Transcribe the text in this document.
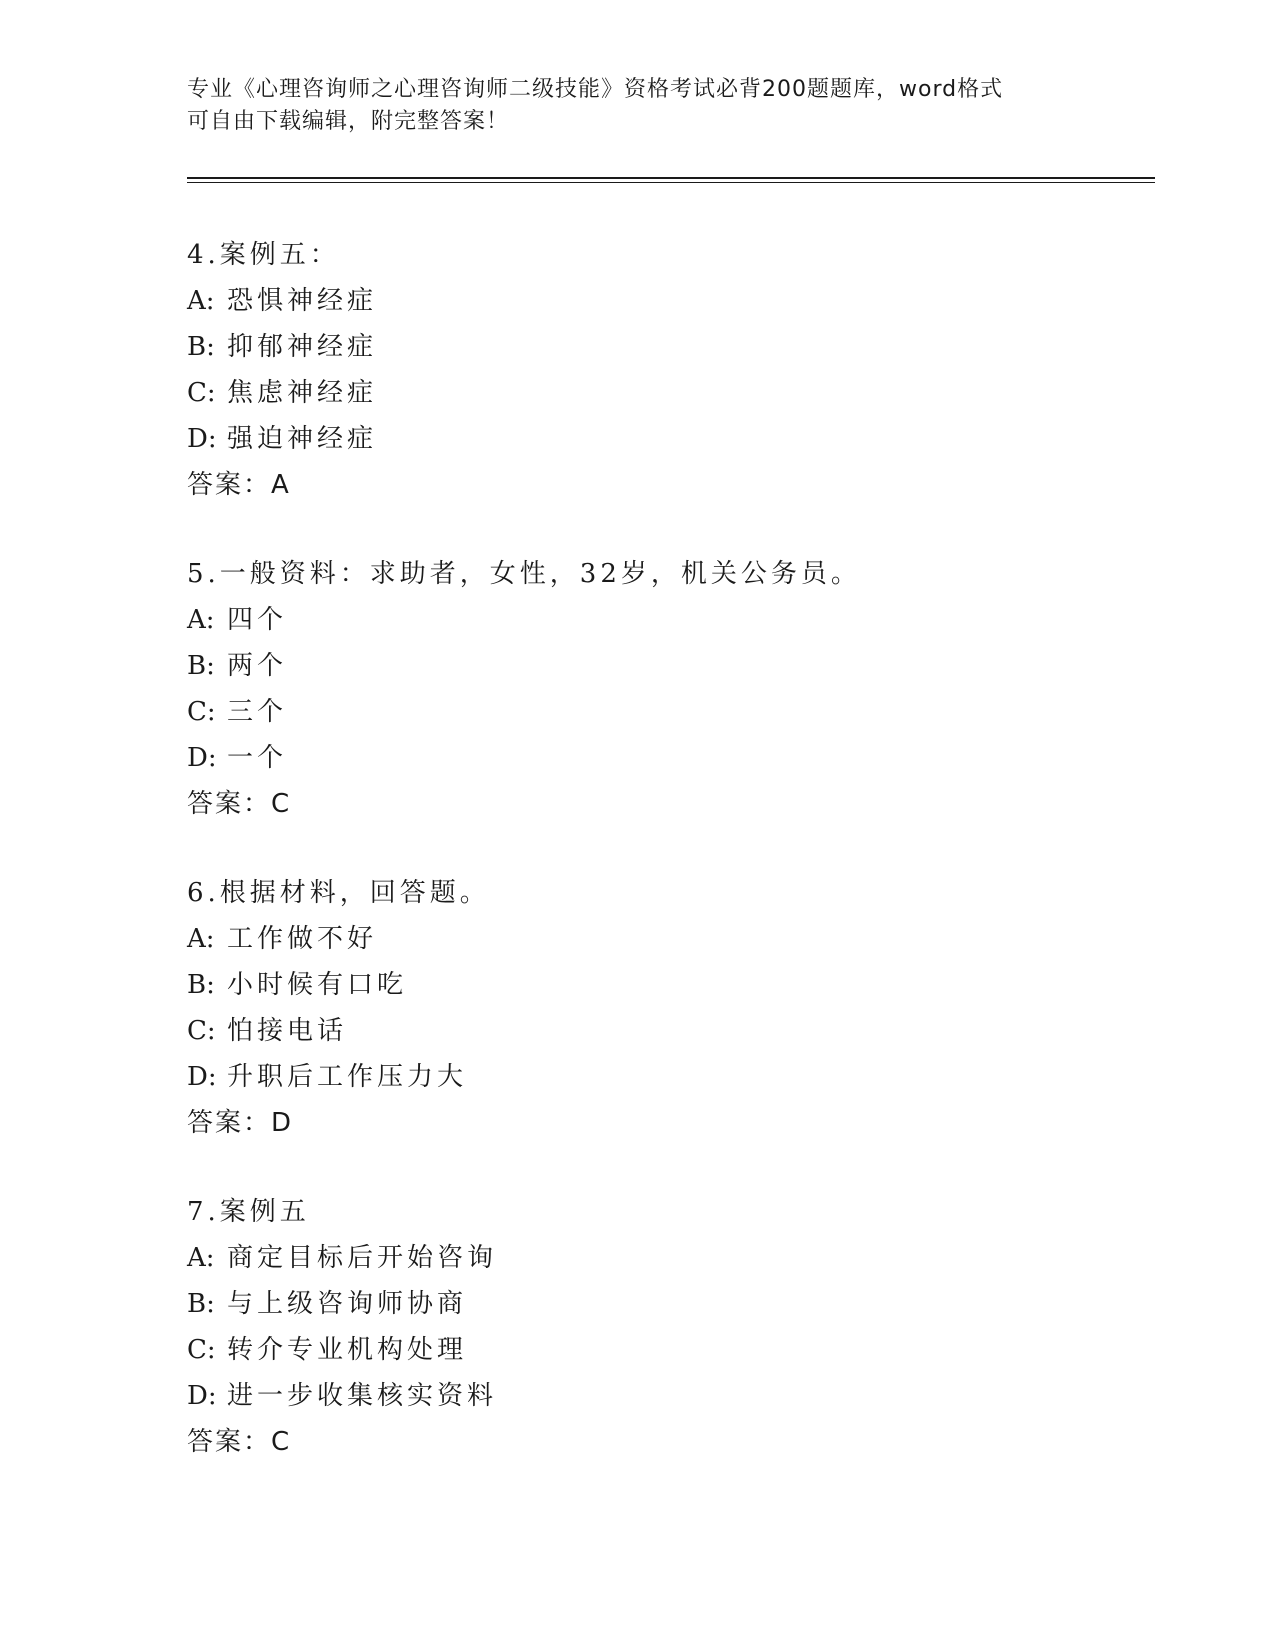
专业《心理咨询师之心理咨询师二级技能》资格考试必背200题题库，word格式
可自由下载编辑，附完整答案！
4.案例五：
A: 恐惧神经症
B: 抑郁神经症
C: 焦虑神经症
D: 强迫神经症
答案：A
5.一般资料：求助者，女性，32岁，机关公务员。
A: 四个
B: 两个
C: 三个
D: 一个
答案：C
6.根据材料，回答题。
A: 工作做不好
B: 小时候有口吃
C: 怕接电话
D: 升职后工作压力大
答案：D
7.案例五
A: 商定目标后开始咨询
B: 与上级咨询师协商
C: 转介专业机构处理
D: 进一步收集核实资料
答案：C
